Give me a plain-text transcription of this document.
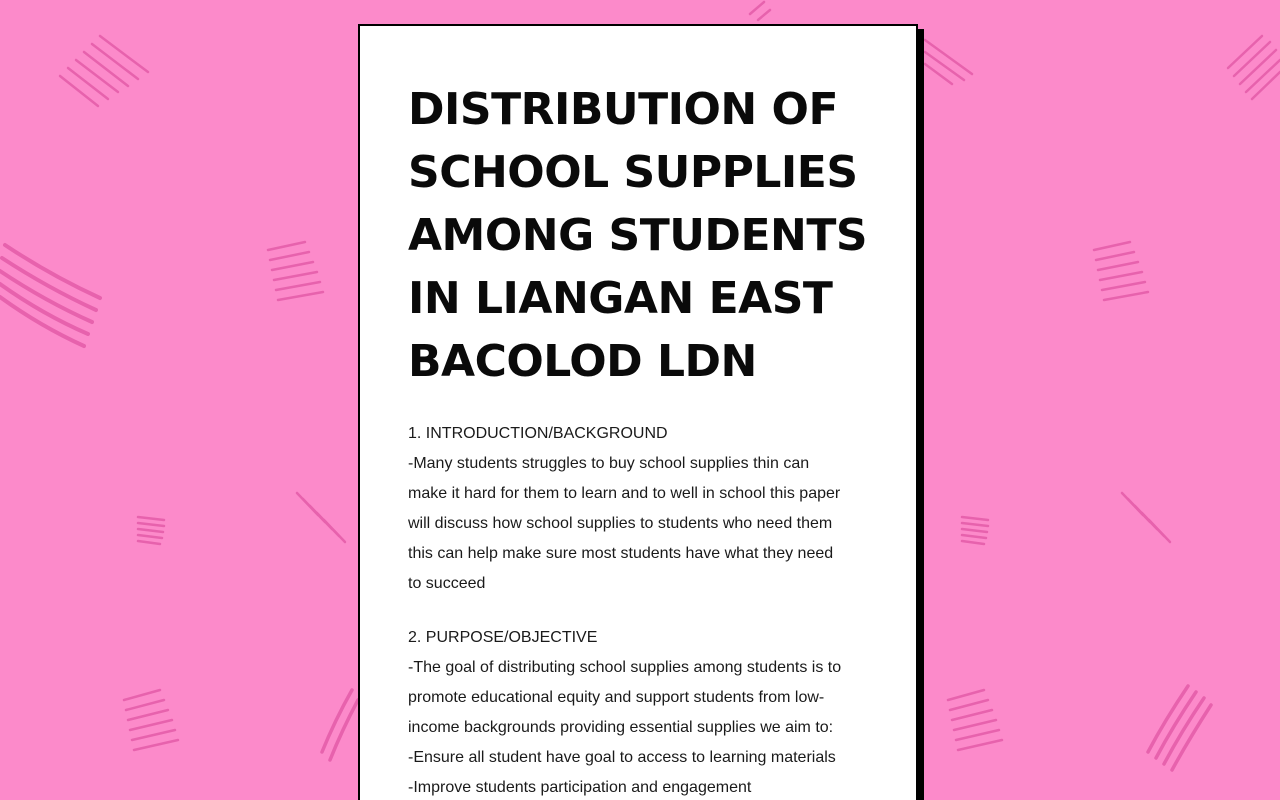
DISTRIBUTION OF
SCHOOL SUPPLIES
AMONG STUDENTS
IN LIANGAN EAST
BACOLOD LDN
1. INTRODUCTION/BACKGROUND
-Many students struggles to buy school supplies thin can
make it hard for them to learn and to well in school this paper
will discuss how school supplies to students who need them
this can help make sure most students have what they need
to succeed
2. PURPOSE/OBJECTIVE
-The goal of distributing school supplies among students is to
promote educational equity and support students from low-
income backgrounds providing essential supplies we aim to:
-Ensure all student have goal to access to learning materials
-Improve students participation and engagement
